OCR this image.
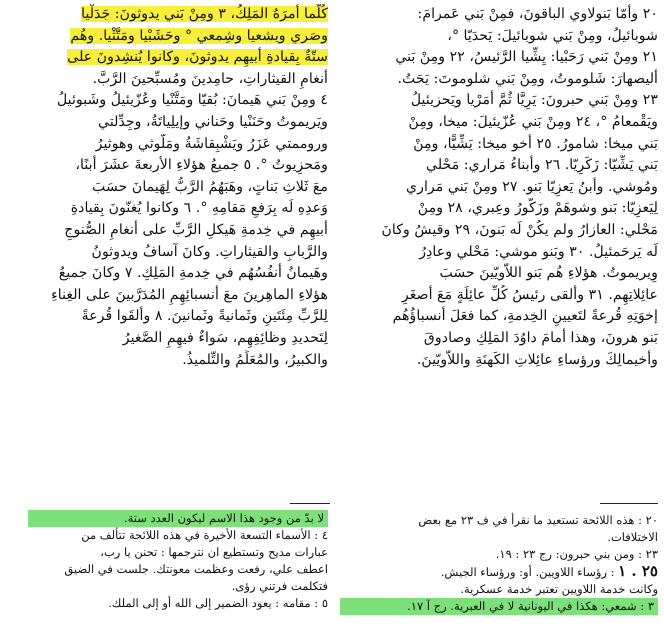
٢٠ وأمّا بَنولاوي الباقونَ، فمِنْ بَني عَمرامَ:
شوبائيلُ، ومِنْ بَني شوبائيلَ: يَحدَيّا °،
٢١ ومِنْ بَني رَحَبْيا: يِشِّيا الرَّئيسُ، ٢٢ ومِنْ بَني
أليصهارَ: شَلوموتُ، ومِنْ بَني شلوموتَ: يَحَتُ.
٢٣ ومِنْ بَني حبرونَ: يَرِيَّا ثُمَّ أمَرْيا ويَحزيئيلُ
ويَقْمعامُ °، ٢٤ ومِنْ بَني عُزّيئيلَ: ميخا، ومِنْ
بَني ميخا: شامورُ. ٢٥ أخو ميخا: يَشِّيًّا، ومِنْ
بَني يَشِّيّا: زَكَرِيّا. ٢٦ وأبناءُ مَراري: مَحْلي
ومُوشي. وأبنُ يَعزِيّا بَنو. ٢٧ ومِنْ بَني مَراري
لِيَعزِيّا: بَنو وشوهَمْ وزَكّورُ وعِبري، ٢٨ ومِنْ
مَحْلي: العازارُ ولم يكُنْ لَه بَنونَ، ٢٩ وقيشُ وكانَ
لَه يَرحَمئيلُ. ٣٠ وبَنو موشي: مَحْلي وعادِرُ
وِيريموتُ. هؤلاءِ هُم بَنو اللاّويّينَ حسَبَ
عائِلاتِهِم. ٣١ وألقى رئيسُ كُلِّ عائِلَةٍ مَعَ أصغَرِ
إخوَتِهِ قُرعةً لتَعيينِ الخِدمةِ، كما فعَلَ أنسباؤُهُم
بَنو هرونَ، وهذا أمامَ داوُدَ المَلِكِ وصادوقَ
وأخيمالِكَ ورؤساءِ عائِلاتِ الكَهنَةِ واللاّويّينَ.
كُلّما أمرَهُ المَلِكُ، ٣ ومِنْ بَني يدوثونَ: جَدَلْيا
وصَري ويشعيا وشِمعي ° وحَشَبْيا ومَتَّثْيا. وهُم
ستّةٌ بِقيادةِ أبيهِم يدوثونَ، وكانوا يُنشِدونَ على
أنغامِ القيثاراتِ، حامِدينَ ومُسبِّحينَ الرَّبَّ.
٤ ومِنْ بَني هَيمانَ: بُقيّا ومَتَّنْيا وعُزّيئيلُ وشَبوئيلُ
ويَريموتُ وحَنَنْيا وحَناني وإيلِياتَةُ، وجِدِّلتي
وروممتي عَزَرُ ويَشْبِقاشَةُ ومَلّوثي وهوثيرُ
ومَحزِيوتُ °. ٥ جميعُ هؤلاءِ الأربعةَ عشَرَ أبنًا،
معَ ثَلاثِ بَناتٍ، وهَبَهُمُ الرَّبُّ لِهَيمانَ حسَبَ
وَعدِهِ لَه بِرَفعِ مَقامِهِ °. ٦ وكانوا يُغنّونَ بِقيادةِ
أبيهِم في خِدمةِ هَيكلِ الرَّبِّ على أنغامِ الصُّنوجِ
والرَّبابِ والقيثاراتِ. وكانَ آسافُ ويدوثونُ
وهَيمانُ أنفُسُهُم في خِدمةِ المَلِكِ. ٧ وكانَ جميعُ
هؤلاءِ الماهِرينَ معَ أنسبائِهِمِ المُدَرَّبينَ على الغِناءِ
لِلرَّبِّ مِئَتَينِ وثَمانيةً وثَمانينَ. ٨ وألقَوا قُرعةً
لِتَحديدِ وظائِفِهِم، سَواءٌ فيهِمِ الصَّغيرُ
والكبيرُ، والمُعَلِّمُ والتِّلميذُ.
٢٠ : هذه اللائحة تستعيد ما نقرأ في ف ٢٣ مع بعض
الاختلافات.
٢٣ : ومن بني حبرون: رج ٢٣ : ١٩.
٢٥ . ١ : رؤساء اللاويين. أو: ورؤساء الجيش.
وكانت خدمة اللاويين تعتبر خدمة عسكرية.
٣ : شمعي: هكذا في اليونانية لا في العبرية. رج آ ١٧.
لا بدّ من وجود هذا الاسم ليكون العدد ستة.
٤ : الأسماء التسعة الأخيرة في هذه اللائحة تتألف من
عبارات مديح وتستطيع ان نترجمها : تحنن يا رب،
اعطف علي، رفعت وعظمت معونتك. جلست في الضيق
فتكلمت فرتني رؤى.
٥ : مقامه : يعود الضمير إلى الله أو إلى الملك.
